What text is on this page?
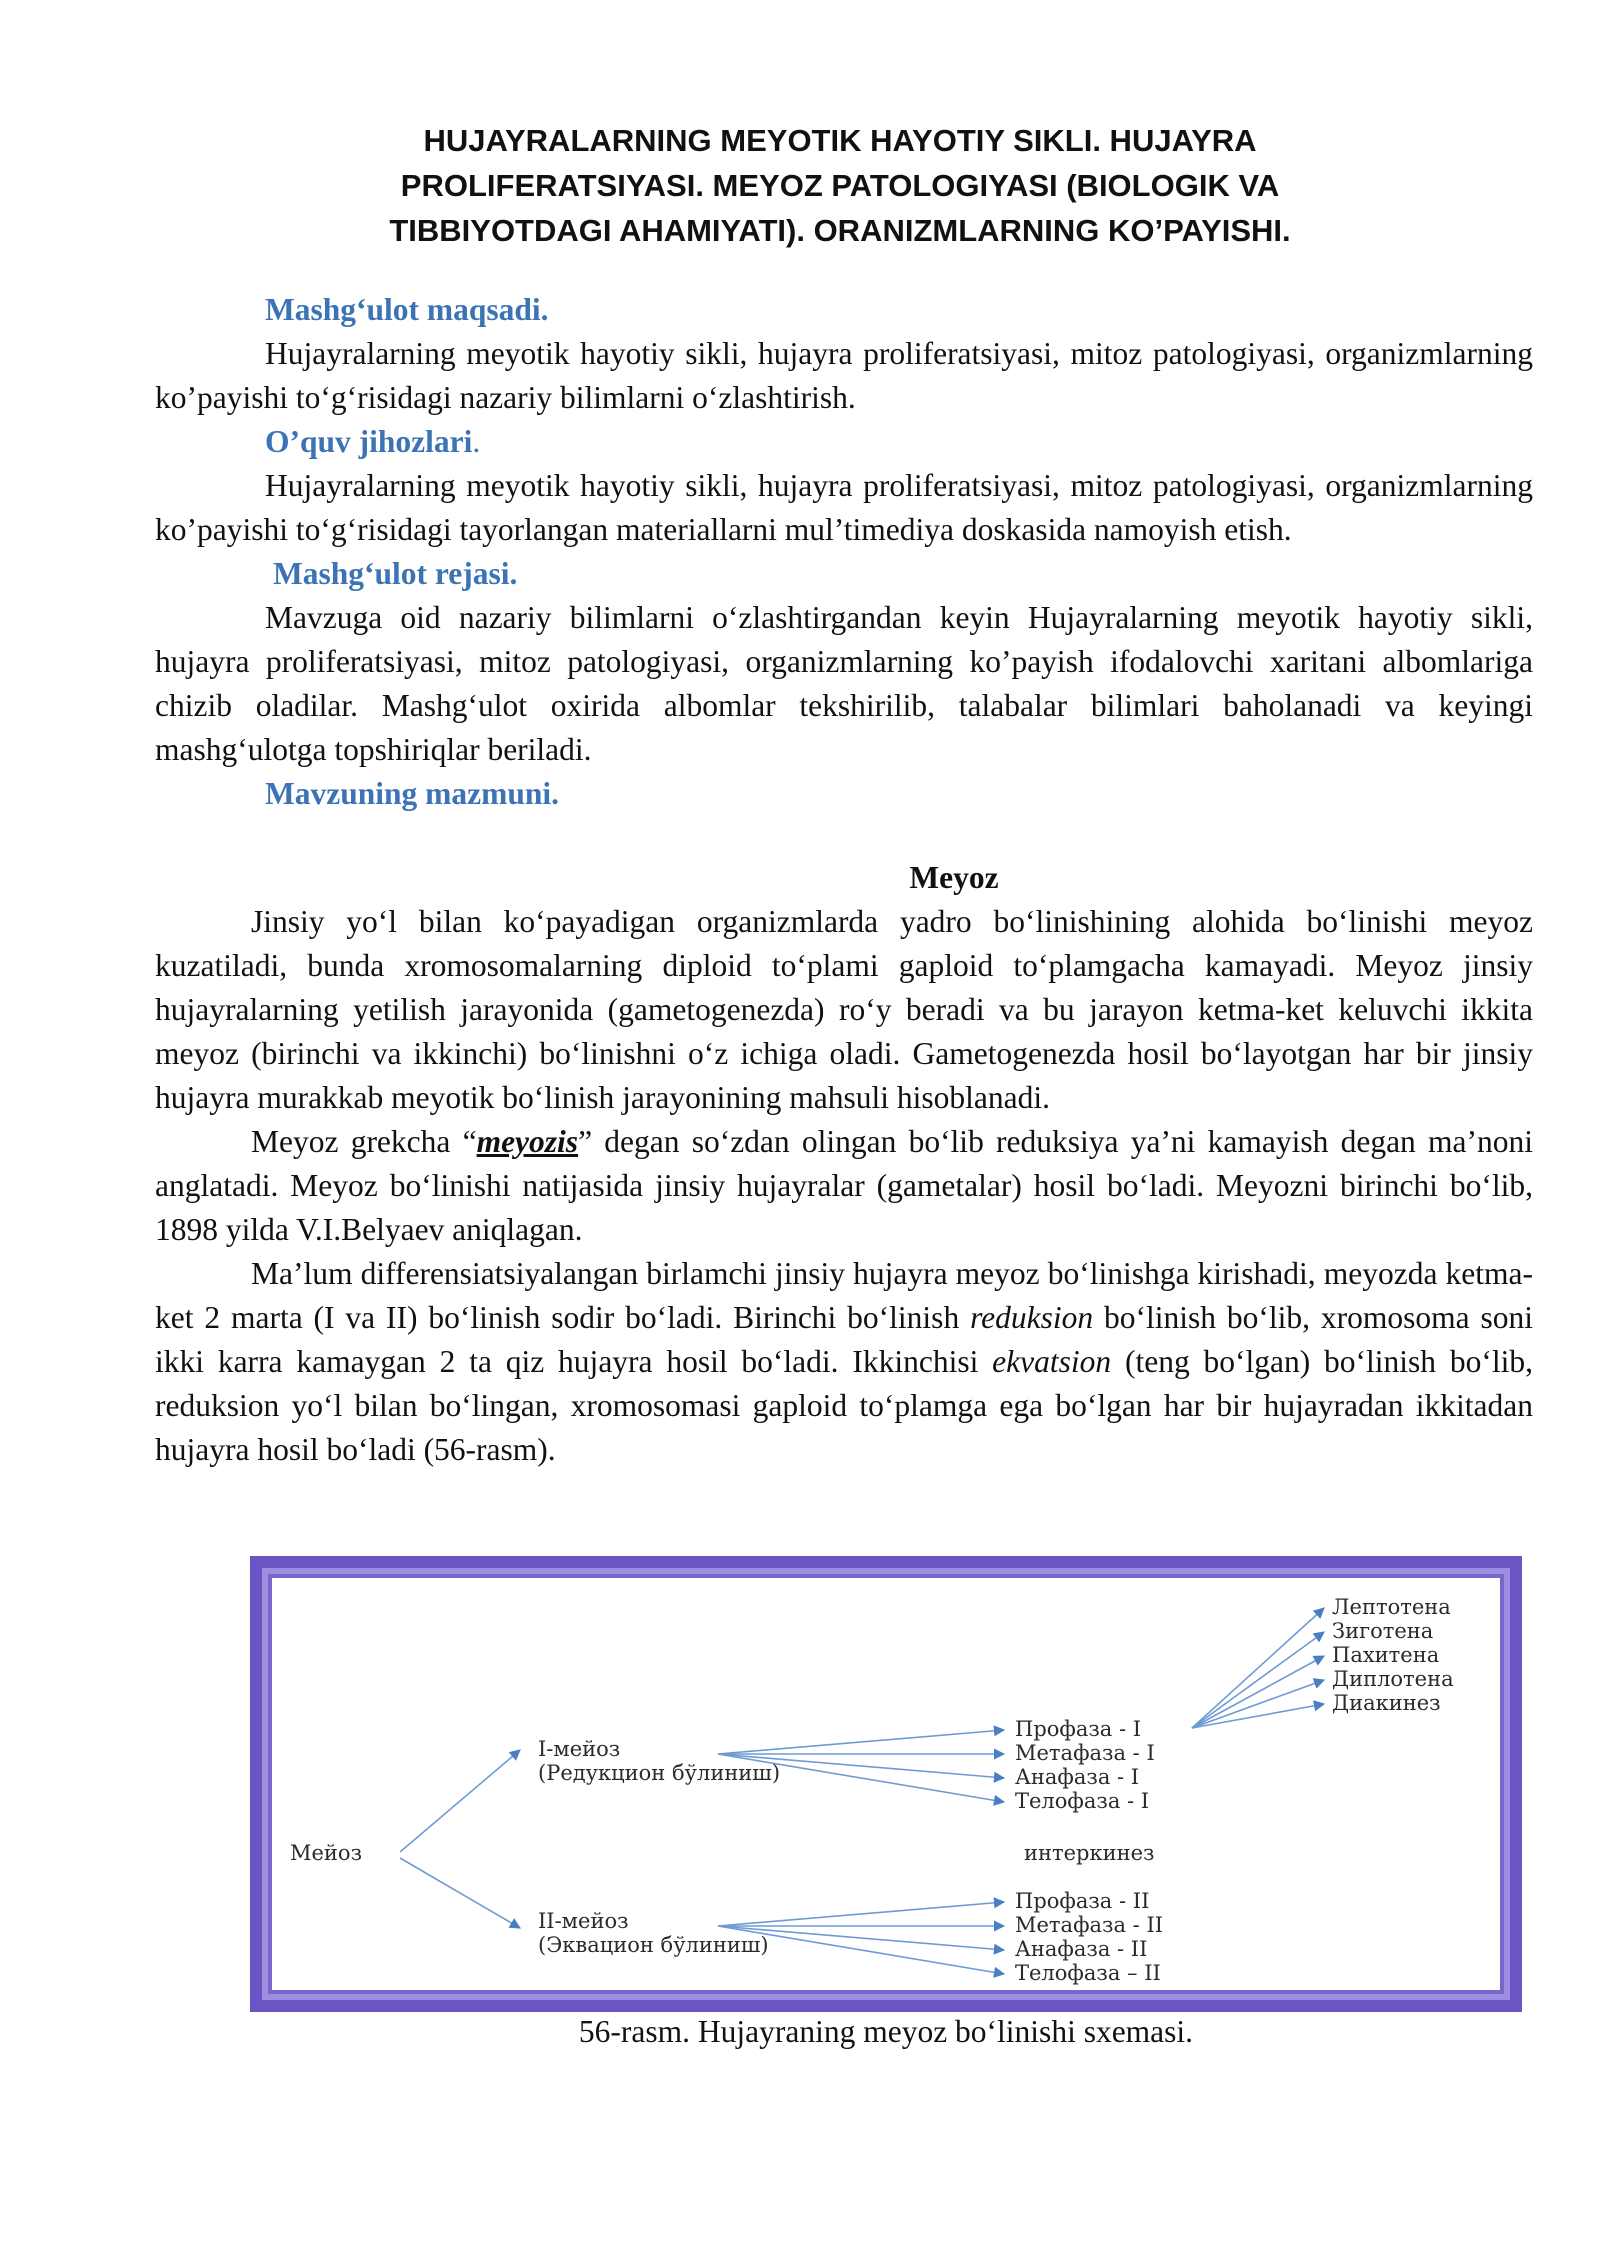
HUJAYRALARNING MEYOTIK HAYOTIY SIKLI. HUJAYRA
PROLIFERATSIYASI. MEYOZ PATOLOGIYASI (BIOLOGIK VA
TIBBIYOTDAGI AHAMIYATI). ORANIZMLARNING KO’PAYISHI.
Mashg‘ulot maqsadi.

Hujayralarning meyotik hayotiy sikli, hujayra proliferatsiyasi, mitoz patologiyasi, organizmlarning ko’payishi to‘g‘risidagi nazariy bilimlarni o‘zlashtirish.

O’quv jihozlari.

Hujayralarning meyotik hayotiy sikli, hujayra proliferatsiyasi, mitoz patologiyasi, organizmlarning ko’payishi to‘g‘risidagi tayorlangan materiallarni mul’timediya doskasida namoyish etish.

Mashg‘ulot rejasi.

Mavzuga oid nazariy bilimlarni o‘zlashtirgandan keyin Hujayralarning meyotik hayotiy sikli, hujayra proliferatsiyasi, mitoz patologiyasi, organizmlarning ko’payish ifodalovchi xaritani albomlariga chizib oladilar. Mashg‘ulot oxirida albomlar tekshirilib, talabalar bilimlari baholanadi va keyingi mashg‘ulotga topshiriqlar beriladi.

Mavzuning mazmuni.

Meyoz

Jinsiy yo‘l bilan ko‘payadigan organizmlarda yadro bo‘linishining alohida bo‘linishi meyoz kuzatiladi, bunda xromosomalarning diploid to‘plami gaploid to‘plamgacha kamayadi. Meyoz jinsiy hujayralarning yetilish jarayonida (gametogenezda) ro‘y beradi va bu jarayon ketma-ket keluvchi ikkita meyoz (birinchi va ikkinchi) bo‘linishni o‘z ichiga oladi. Gametogenezda hosil bo‘layotgan har bir jinsiy hujayra murakkab meyotik bo‘linish jarayonining mahsuli hisoblanadi.

Meyoz grekcha “meyozis” degan so‘zdan olingan bo‘lib reduksiya ya’ni kamayish degan ma’noni anglatadi. Meyoz bo‘linishi natijasida jinsiy hujayralar (gametalar) hosil bo‘ladi. Meyozni birinchi bo‘lib, 1898 yilda V.I.Belyaev aniqlagan.

Ma’lum differensiatsiyalangan birlamchi jinsiy hujayra meyoz bo‘linishga kirishadi, meyozda ketma-ket 2 marta (I va II) bo‘linish sodir bo‘ladi. Birinchi bo‘linish reduksion bo‘linish bo‘lib, xromosoma soni ikki karra kamaygan 2 ta qiz hujayra hosil bo‘ladi. Ikkinchisi ekvatsion (teng bo‘lgan) bo‘linish bo‘lib, reduksion yo‘l bilan bo‘lingan, xromosomasi gaploid to‘plamga ega bo‘lgan har bir hujayradan ikkitadan hujayra hosil bo‘ladi (56-rasm).

Мейоз
I-мейоз
(Редукцион бўлиниш)
II-мейоз
(Эквацион бўлиниш)
Профаза - I
Метафаза - I
Анафаза - I
Телофаза - I
интеркинез
Профаза - II
Метафаза - II
Анафаза - II
Телофаза – II
Лептотена
Зиготена
Пахитена
Диплотена
Диакинез
56-rasm. Hujayraning meyoz bo‘linishi sxemasi.
